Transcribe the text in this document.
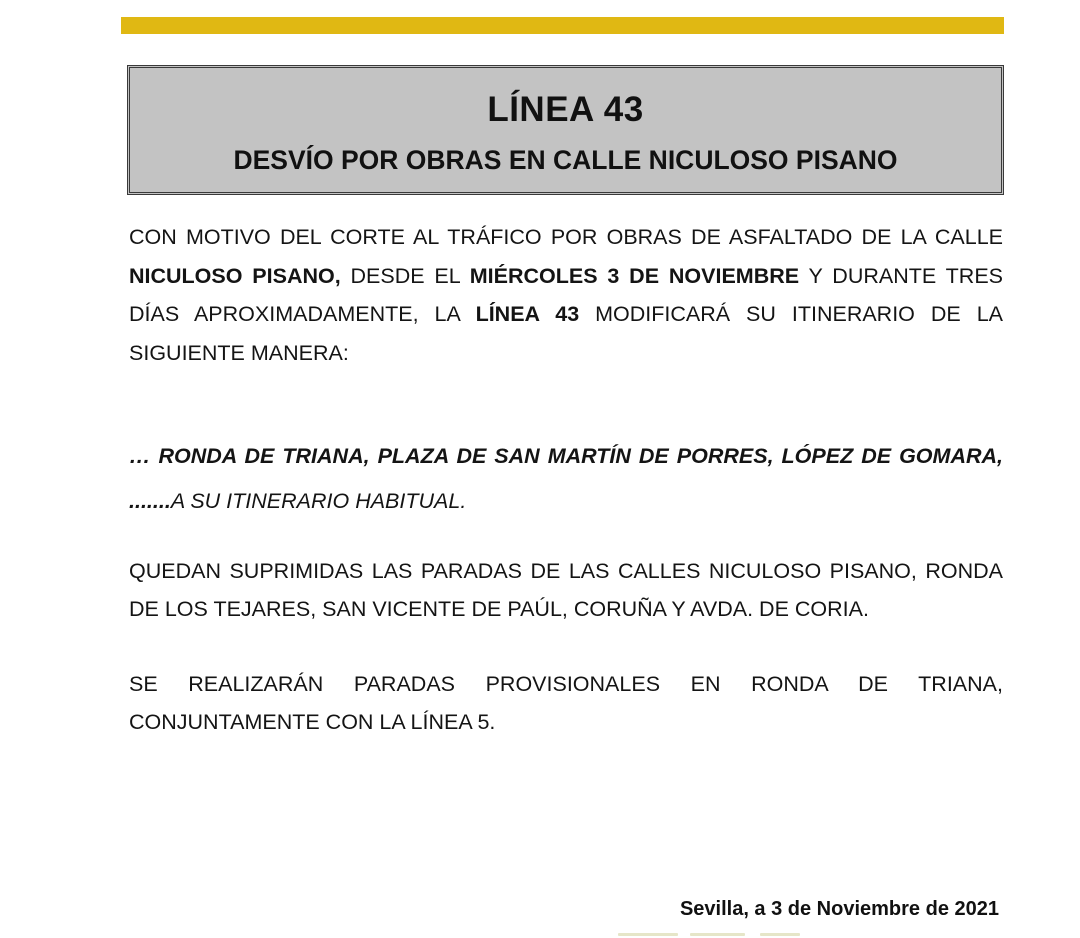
LÍNEA 43
DESVÍO POR OBRAS EN CALLE NICULOSO PISANO

CON MOTIVO DEL CORTE AL TRÁFICO POR OBRAS DE ASFALTADO DE LA CALLE NICULOSO PISANO, DESDE EL MIÉRCOLES 3 DE NOVIEMBRE Y DURANTE TRES DÍAS APROXIMADAMENTE, LA LÍNEA 43 MODIFICARÁ SU ITINERARIO DE LA SIGUIENTE MANERA:

… RONDA DE TRIANA, PLAZA DE SAN MARTÍN DE PORRES, LÓPEZ DE GOMARA,
.......A SU ITINERARIO HABITUAL.

QUEDAN SUPRIMIDAS LAS PARADAS DE LAS CALLES NICULOSO PISANO, RONDA DE LOS TEJARES, SAN VICENTE DE PAÚL, CORUÑA Y AVDA. DE CORIA.

SE REALIZARÁN PARADAS PROVISIONALES EN RONDA DE TRIANA, CONJUNTAMENTE CON LA LÍNEA 5.

Sevilla, a 3 de Noviembre de 2021
